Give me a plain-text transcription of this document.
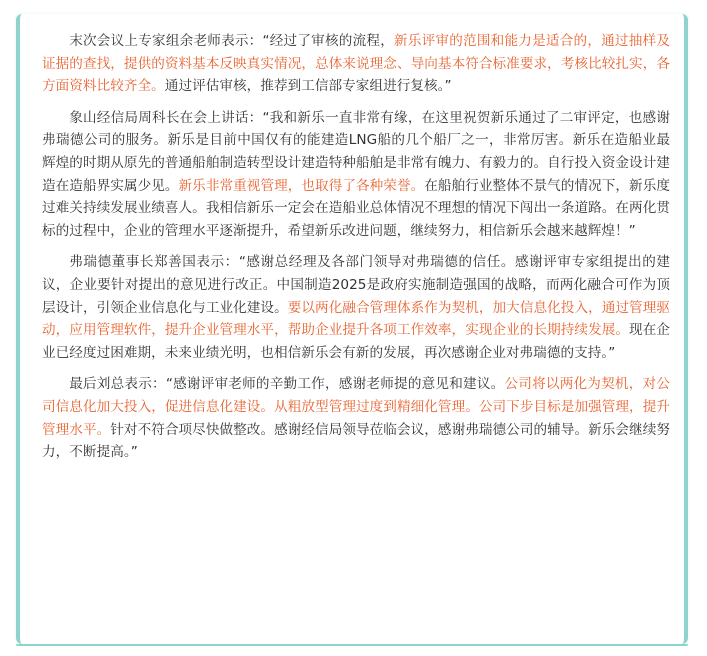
末次会议上专家组余老师表示：“经过了审核的流程，新乐评审的范围和能力是适合的，通过抽样及证据的查找，提供的资料基本反映真实情况，总体来说理念、导向基本符合标准要求，考核比较扎实，各方面资料比较齐全。通过评估审核，推荐到工信部专家组进行复核。”

象山经信局周科长在会上讲话：“我和新乐一直非常有缘，在这里祝贺新乐通过了二审评定，也感谢弗瑞德公司的服务。新乐是目前中国仅有的能建造LNG船的几个船厂之一，非常厉害。新乐在造船业最辉煌的时期从原先的普通船舶制造转型设计建造特种船舶是非常有魄力、有毅力的。自行投入资金设计建造在造船界实属少见。新乐非常重视管理，也取得了各种荣誉。在船舶行业整体不景气的情况下，新乐度过难关持续发展业绩喜人。我相信新乐一定会在造船业总体情况不理想的情况下闯出一条道路。在两化贯标的过程中，企业的管理水平逐渐提升，希望新乐改进问题，继续努力，相信新乐会越来越辉煌！”

弗瑞德董事长郑善国表示：“感谢总经理及各部门领导对弗瑞德的信任。感谢评审专家组提出的建议，企业要针对提出的意见进行改正。中国制造2025是政府实施制造强国的战略，而两化融合可作为顶层设计，引领企业信息化与工业化建设。要以两化融合管理体系作为契机，加大信息化投入，通过管理驱动，应用管理软件，提升企业管理水平，帮助企业提升各项工作效率，实现企业的长期持续发展。现在企业已经度过困难期，未来业绩光明，也相信新乐会有新的发展，再次感谢企业对弗瑞德的支持。”

最后刘总表示：“感谢评审老师的辛勤工作，感谢老师提的意见和建议。公司将以两化为契机，对公司信息化加大投入，促进信息化建设。从粗放型管理过度到精细化管理。公司下步目标是加强管理，提升管理水平。针对不符合项尽快做整改。感谢经信局领导莅临会议，感谢弗瑞德公司的辅导。新乐会继续努力，不断提高。”
